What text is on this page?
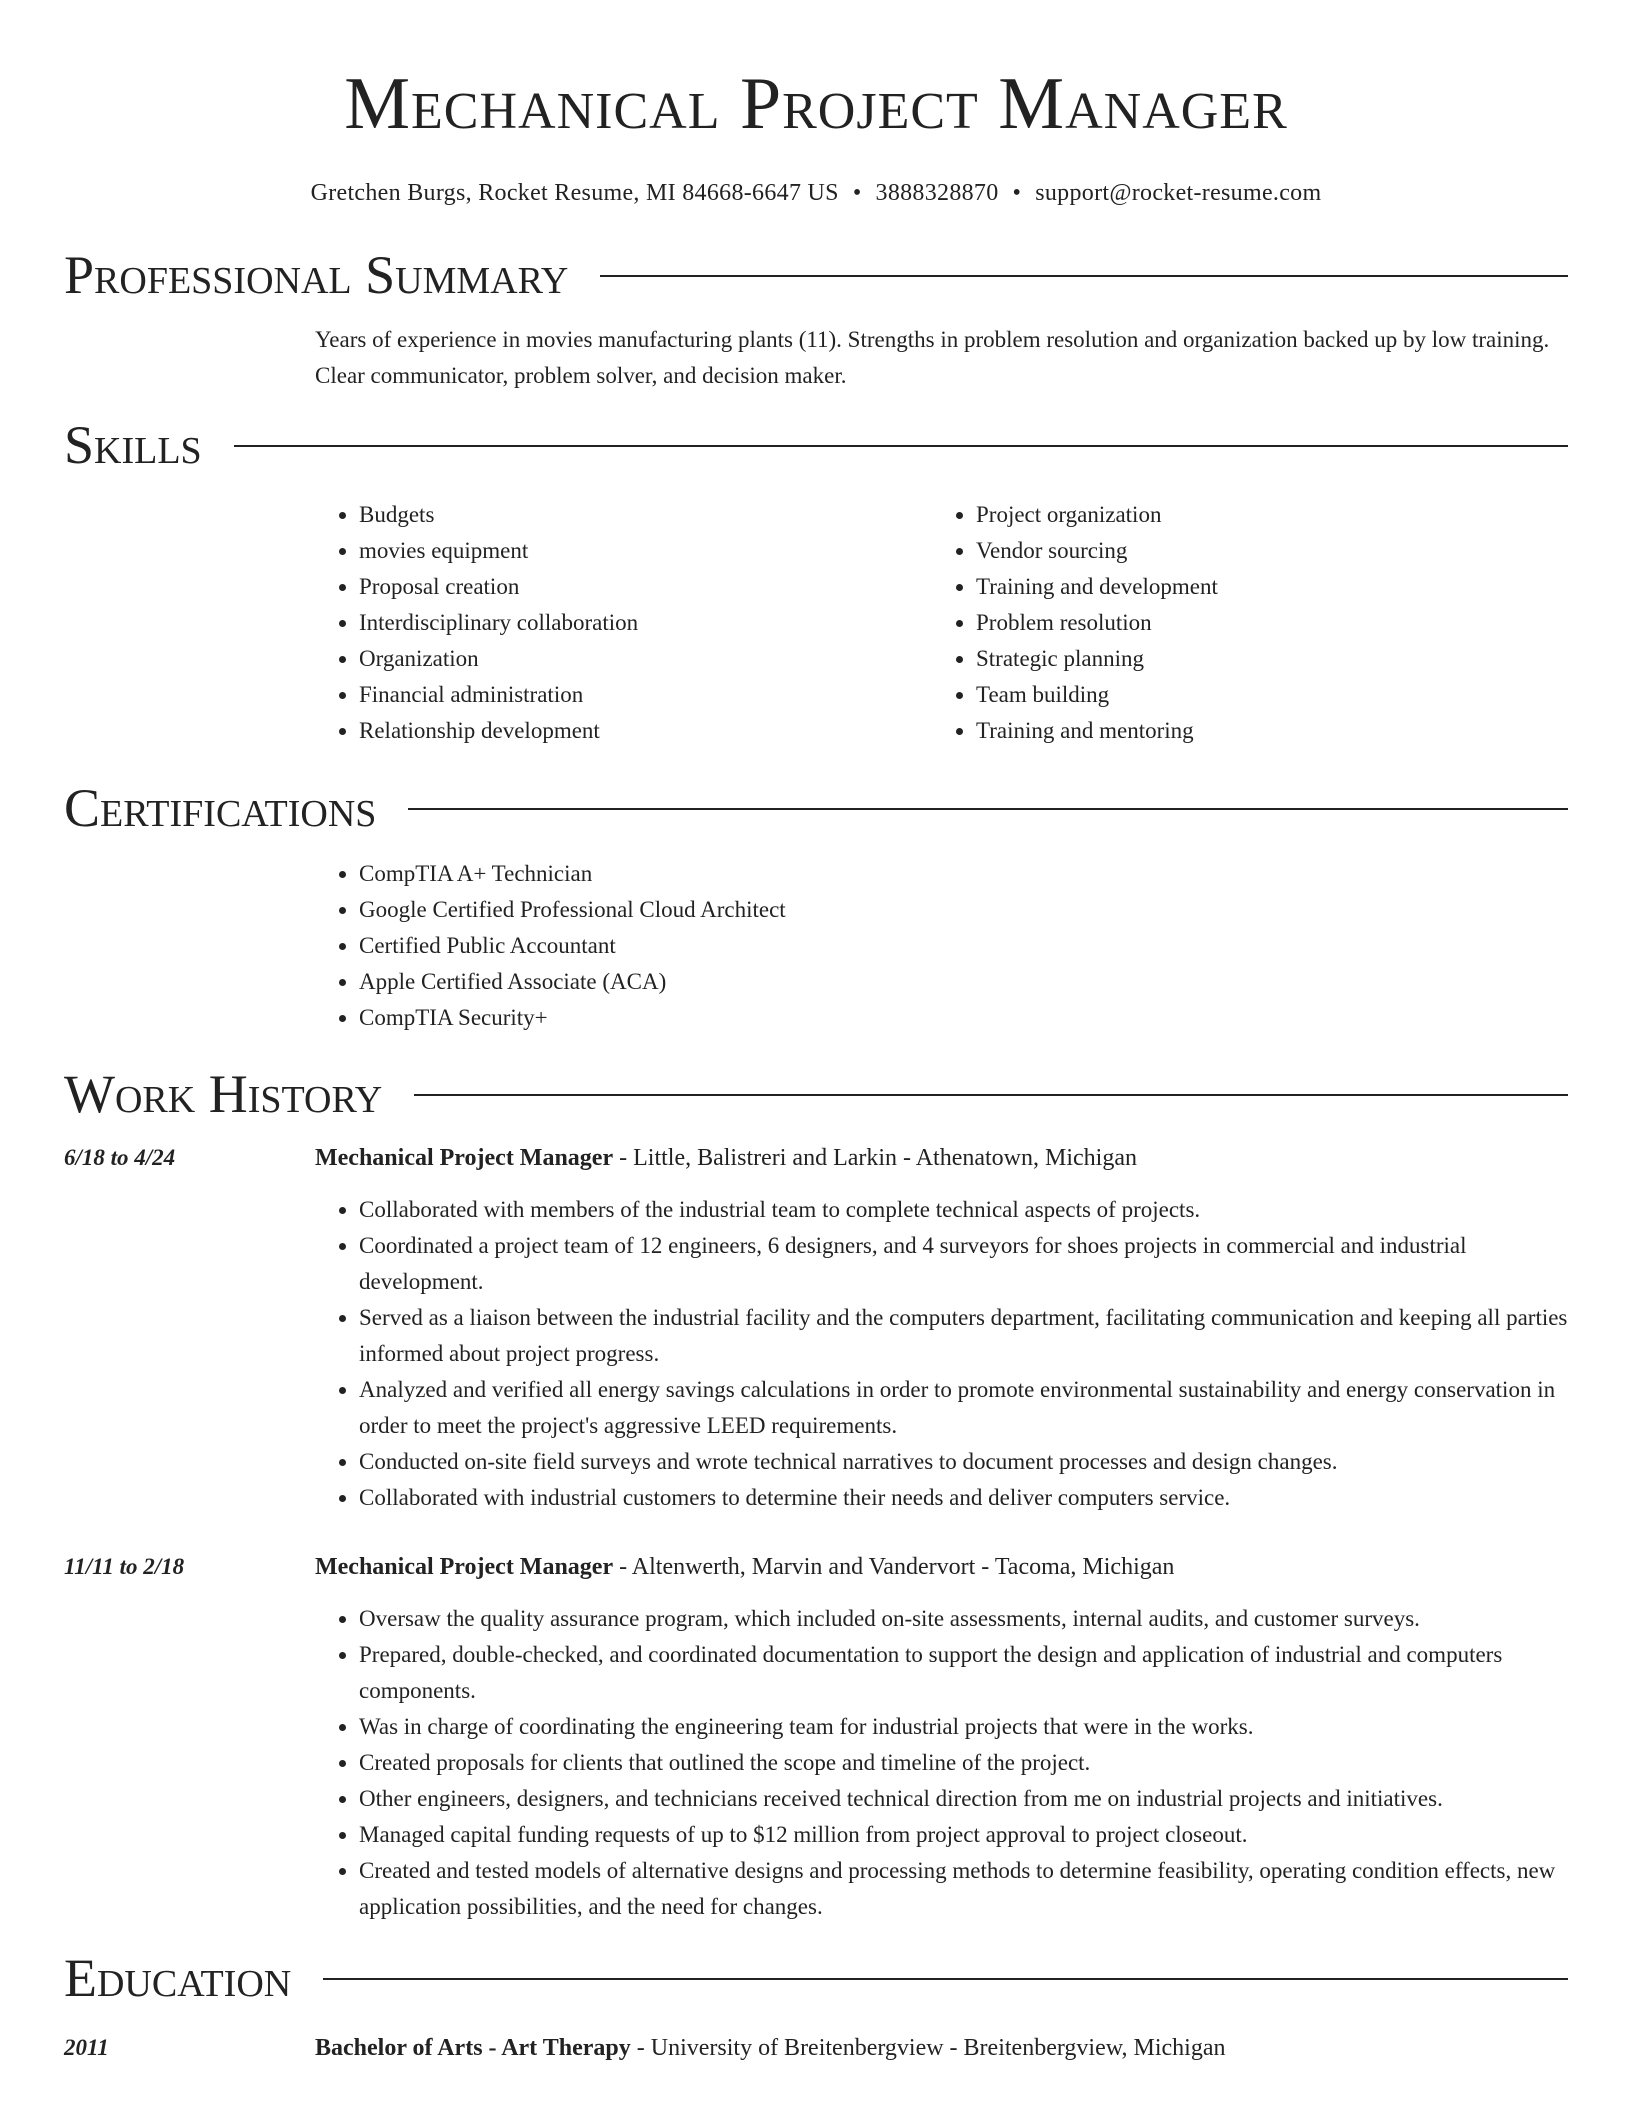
Mechanical Project Manager
Gretchen Burgs, Rocket Resume, MI 84668-6647 US • 3888328870 • support@rocket-resume.com
Professional Summary

Years of experience in movies manufacturing plants (11). Strengths in problem resolution and organization backed up by low training. Clear communicator, problem solver, and decision maker.

Skills
• Budgets
• movies equipment
• Proposal creation
• Interdisciplinary collaboration
• Organization
• Financial administration
• Relationship development
• Project organization
• Vendor sourcing
• Training and development
• Problem resolution
• Strategic planning
• Team building
• Training and mentoring
Certifications
• CompTIA A+ Technician
• Google Certified Professional Cloud Architect
• Certified Public Accountant
• Apple Certified Associate (ACA)
• CompTIA Security+
Work History
6/18 to 4/24	Mechanical Project Manager - Little, Balistreri and Larkin - Athenatown, Michigan
• Collaborated with members of the industrial team to complete technical aspects of projects.
• Coordinated a project team of 12 engineers, 6 designers, and 4 surveyors for shoes projects in commercial and industrial development.
• Served as a liaison between the industrial facility and the computers department, facilitating communication and keeping all parties informed about project progress.
• Analyzed and verified all energy savings calculations in order to promote environmental sustainability and energy conservation in order to meet the project's aggressive LEED requirements.
• Conducted on-site field surveys and wrote technical narratives to document processes and design changes.
• Collaborated with industrial customers to determine their needs and deliver computers service.
11/11 to 2/18	Mechanical Project Manager - Altenwerth, Marvin and Vandervort - Tacoma, Michigan
• Oversaw the quality assurance program, which included on-site assessments, internal audits, and customer surveys.
• Prepared, double-checked, and coordinated documentation to support the design and application of industrial and computers components.
• Was in charge of coordinating the engineering team for industrial projects that were in the works.
• Created proposals for clients that outlined the scope and timeline of the project.
• Other engineers, designers, and technicians received technical direction from me on industrial projects and initiatives.
• Managed capital funding requests of up to $12 million from project approval to project closeout.
• Created and tested models of alternative designs and processing methods to determine feasibility, operating condition effects, new application possibilities, and the need for changes.
Education
2011	Bachelor of Arts - Art Therapy - University of Breitenbergview - Breitenbergview, Michigan
